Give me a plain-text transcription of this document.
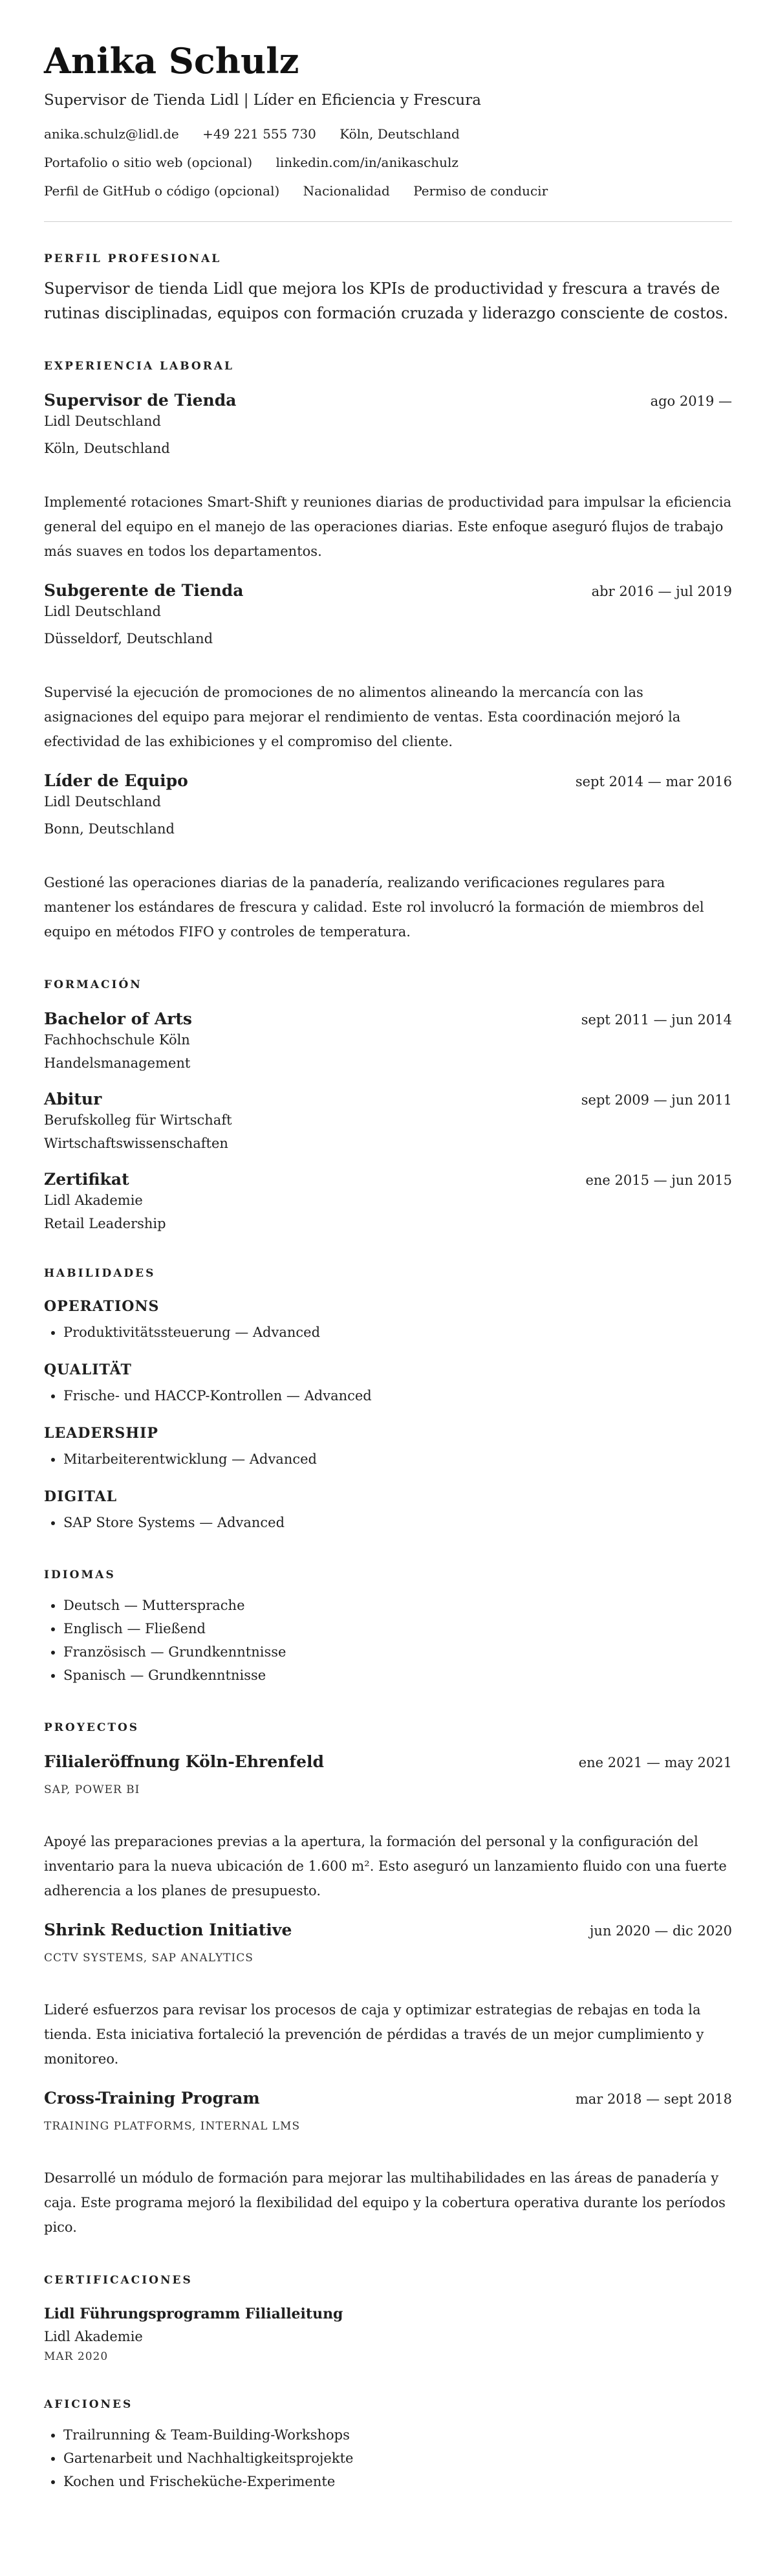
Anika Schulz
Supervisor de Tienda Lidl | Líder en Eficiencia y Frescura
anika.schulz@lidl.de +49 221 555 730 Köln, Deutschland
Portafolio o sitio web (opcional) linkedin.com/in/anikaschulz
Perfil de GitHub o código (opcional) Nacionalidad Permiso de conducir
PERFIL PROFESIONAL
Supervisor de tienda Lidl que mejora los KPIs de productividad y frescura a través de rutinas disciplinadas, equipos con formación cruzada y liderazgo consciente de costos.
EXPERIENCIA LABORAL
Supervisor de Tienda	ago 2019 —
Lidl Deutschland
Köln, Deutschland
Implementé rotaciones Smart-Shift y reuniones diarias de productividad para impulsar la eficiencia general del equipo en el manejo de las operaciones diarias. Este enfoque aseguró flujos de trabajo más suaves en todos los departamentos.
Subgerente de Tienda	abr 2016 — jul 2019
Lidl Deutschland
Düsseldorf, Deutschland
Supervisé la ejecución de promociones de no alimentos alineando la mercancía con las asignaciones del equipo para mejorar el rendimiento de ventas. Esta coordinación mejoró la efectividad de las exhibiciones y el compromiso del cliente.
Líder de Equipo	sept 2014 — mar 2016
Lidl Deutschland
Bonn, Deutschland
Gestioné las operaciones diarias de la panadería, realizando verificaciones regulares para mantener los estándares de frescura y calidad. Este rol involucró la formación de miembros del equipo en métodos FIFO y controles de temperatura.
FORMACIÓN
Bachelor of Arts	sept 2011 — jun 2014
Fachhochschule Köln
Handelsmanagement
Abitur	sept 2009 — jun 2011
Berufskolleg für Wirtschaft
Wirtschaftswissenschaften
Zertifikat	ene 2015 — jun 2015
Lidl Akademie
Retail Leadership
HABILIDADES
OPERATIONS
• Produktivitätssteuerung — Advanced
QUALITÄT
• Frische- und HACCP-Kontrollen — Advanced
LEADERSHIP
• Mitarbeiterentwicklung — Advanced
DIGITAL
• SAP Store Systems — Advanced
IDIOMAS
• Deutsch — Muttersprache
• Englisch — Fließend
• Französisch — Grundkenntnisse
• Spanisch — Grundkenntnisse
PROYECTOS
Filialeröffnung Köln-Ehrenfeld	ene 2021 — may 2021
SAP, POWER BI
Apoyé las preparaciones previas a la apertura, la formación del personal y la configuración del inventario para la nueva ubicación de 1.600 m². Esto aseguró un lanzamiento fluido con una fuerte adherencia a los planes de presupuesto.
Shrink Reduction Initiative	jun 2020 — dic 2020
CCTV SYSTEMS, SAP ANALYTICS
Lideré esfuerzos para revisar los procesos de caja y optimizar estrategias de rebajas en toda la tienda. Esta iniciativa fortaleció la prevención de pérdidas a través de un mejor cumplimiento y monitoreo.
Cross-Training Program	mar 2018 — sept 2018
TRAINING PLATFORMS, INTERNAL LMS
Desarrollé un módulo de formación para mejorar las multihabilidades en las áreas de panadería y caja. Este programa mejoró la flexibilidad del equipo y la cobertura operativa durante los períodos pico.
CERTIFICACIONES
Lidl Führungsprogramm Filialleitung
Lidl Akademie
MAR 2020
AFICIONES
• Trailrunning & Team-Building-Workshops
• Gartenarbeit und Nachhaltigkeitsprojekte
• Kochen und Frischeküche-Experimente
